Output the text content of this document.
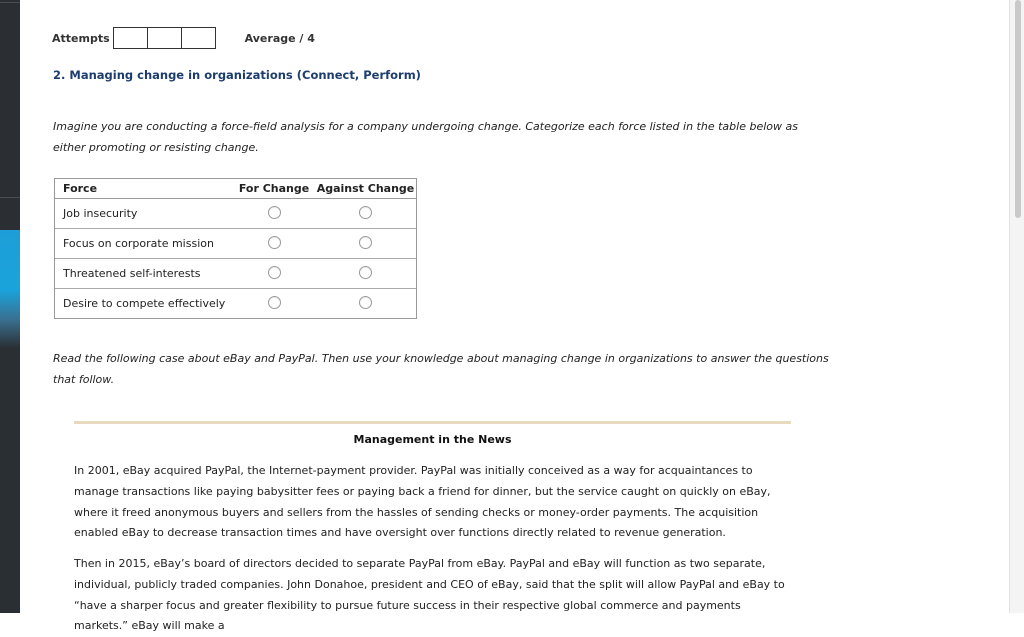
Attempts	Average / 4
2. Managing change in organizations (Connect, Perform)
Imagine you are conducting a force-field analysis for a company undergoing change. Categorize each force listed in the table below as either promoting or resisting change.
Force	For Change Against Change
Job insecurity
Focus on corporate mission
Threatened self-interests
Desire to compete effectively
Read the following case about eBay and PayPal. Then use your knowledge about managing change in organizations to answer the questions that follow.
Management in the News
In 2001, eBay acquired PayPal, the Internet-payment provider. PayPal was initially conceived as a way for acquaintances to manage transactions like paying babysitter fees or paying back a friend for dinner, but the service caught on quickly on eBay, where it freed anonymous buyers and sellers from the hassles of sending checks or money-order payments. The acquisition enabled eBay to decrease transaction times and have oversight over functions directly related to revenue generation.
Then in 2015, eBay’s board of directors decided to separate PayPal from eBay. PayPal and eBay will function as two separate, individual, publicly traded companies. John Donahoe, president and CEO of eBay, said that the split will allow PayPal and eBay to “have a sharper focus and greater flexibility to pursue future success in their respective global commerce and payments markets.” eBay will make a
